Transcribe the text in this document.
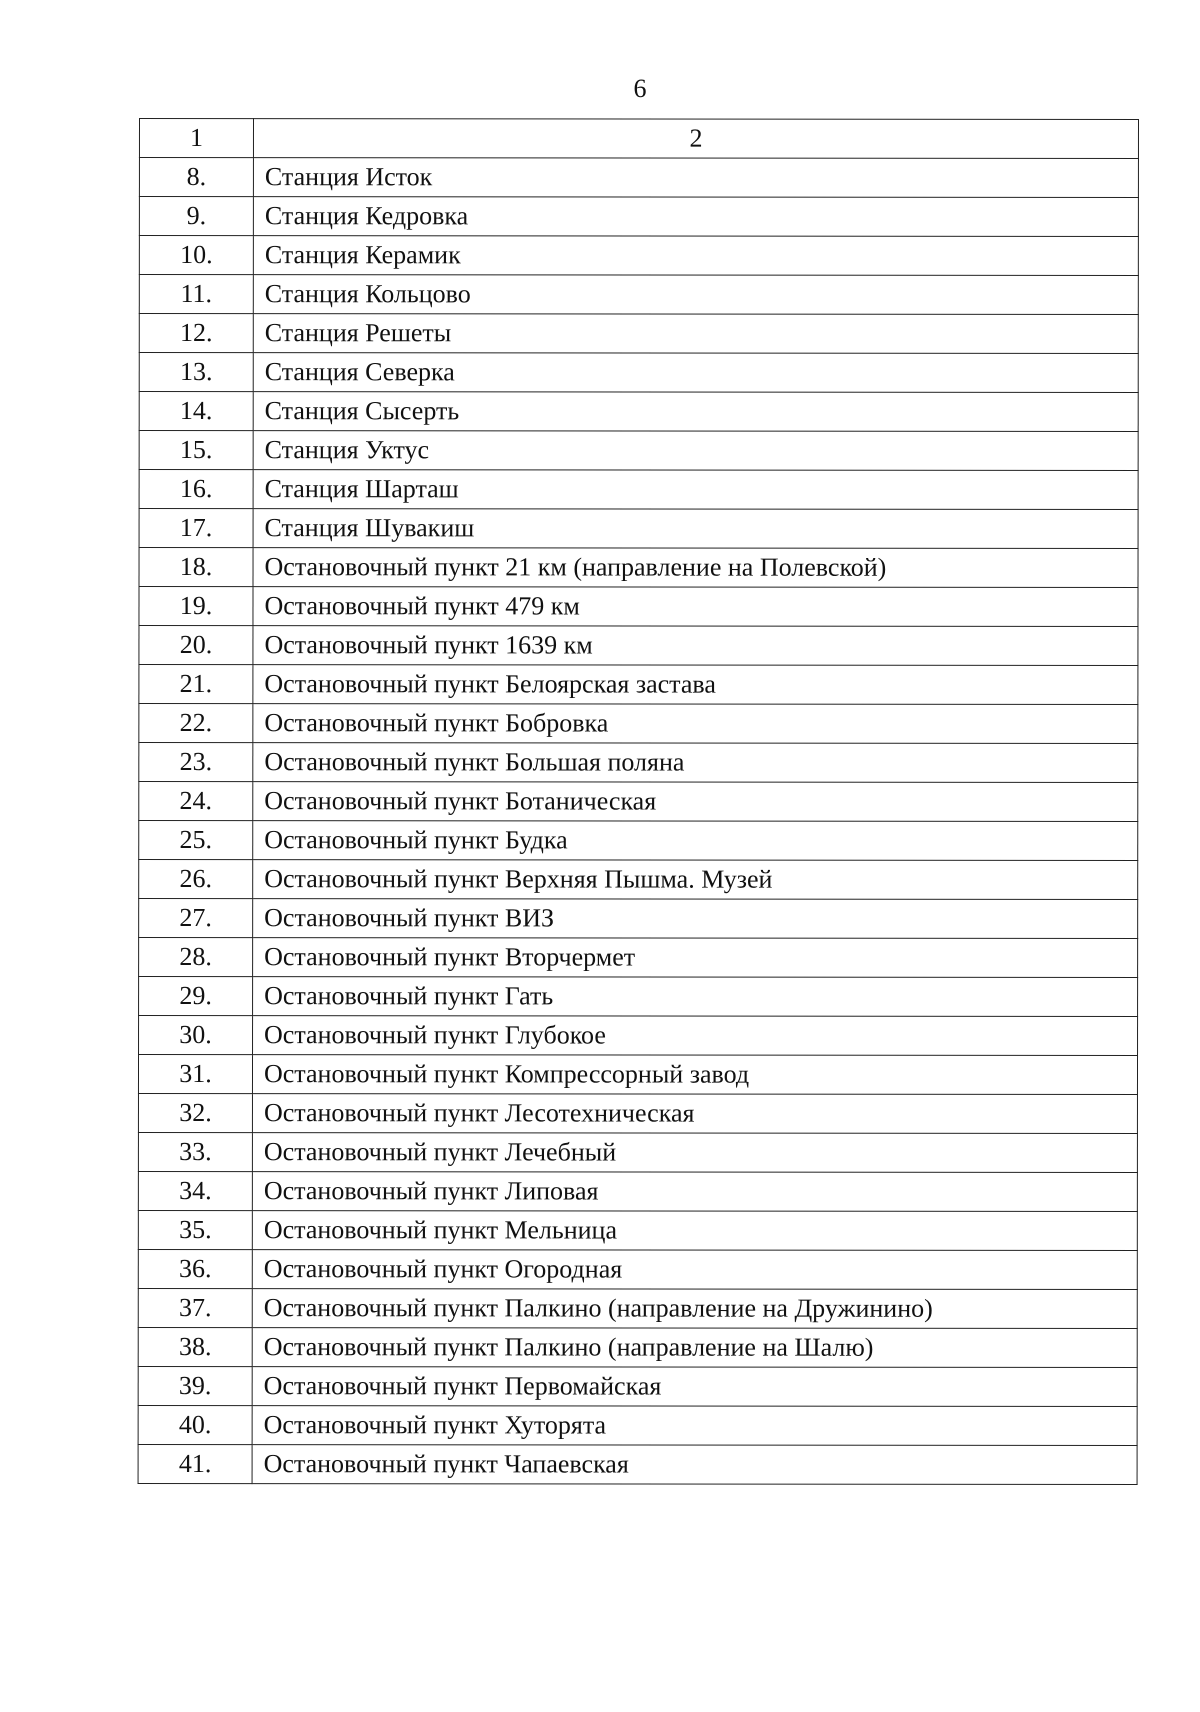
6
1	2
8.	Станция Исток
9.	Станция Кедровка
10.	Станция Керамик
11.	Станция Кольцово
12.	Станция Решеты
13.	Станция Северка
14.	Станция Сысерть
15.	Станция Уктус
16.	Станция Шарташ
17.	Станция Шувакиш
18.	Остановочный пункт 21 км (направление на Полевской)
19.	Остановочный пункт 479 км
20.	Остановочный пункт 1639 км
21.	Остановочный пункт Белоярская застава
22.	Остановочный пункт Бобровка
23.	Остановочный пункт Большая поляна
24.	Остановочный пункт Ботаническая
25.	Остановочный пункт Будка
26.	Остановочный пункт Верхняя Пышма. Музей
27.	Остановочный пункт ВИЗ
28.	Остановочный пункт Вторчермет
29.	Остановочный пункт Гать
30.	Остановочный пункт Глубокое
31.	Остановочный пункт Компрессорный завод
32.	Остановочный пункт Лесотехническая
33.	Остановочный пункт Лечебный
34.	Остановочный пункт Липовая
35.	Остановочный пункт Мельница
36.	Остановочный пункт Огородная
37.	Остановочный пункт Палкино (направление на Дружинино)
38.	Остановочный пункт Палкино (направление на Шалю)
39.	Остановочный пункт Первомайская
40.	Остановочный пункт Хуторята
41.	Остановочный пункт Чапаевская
